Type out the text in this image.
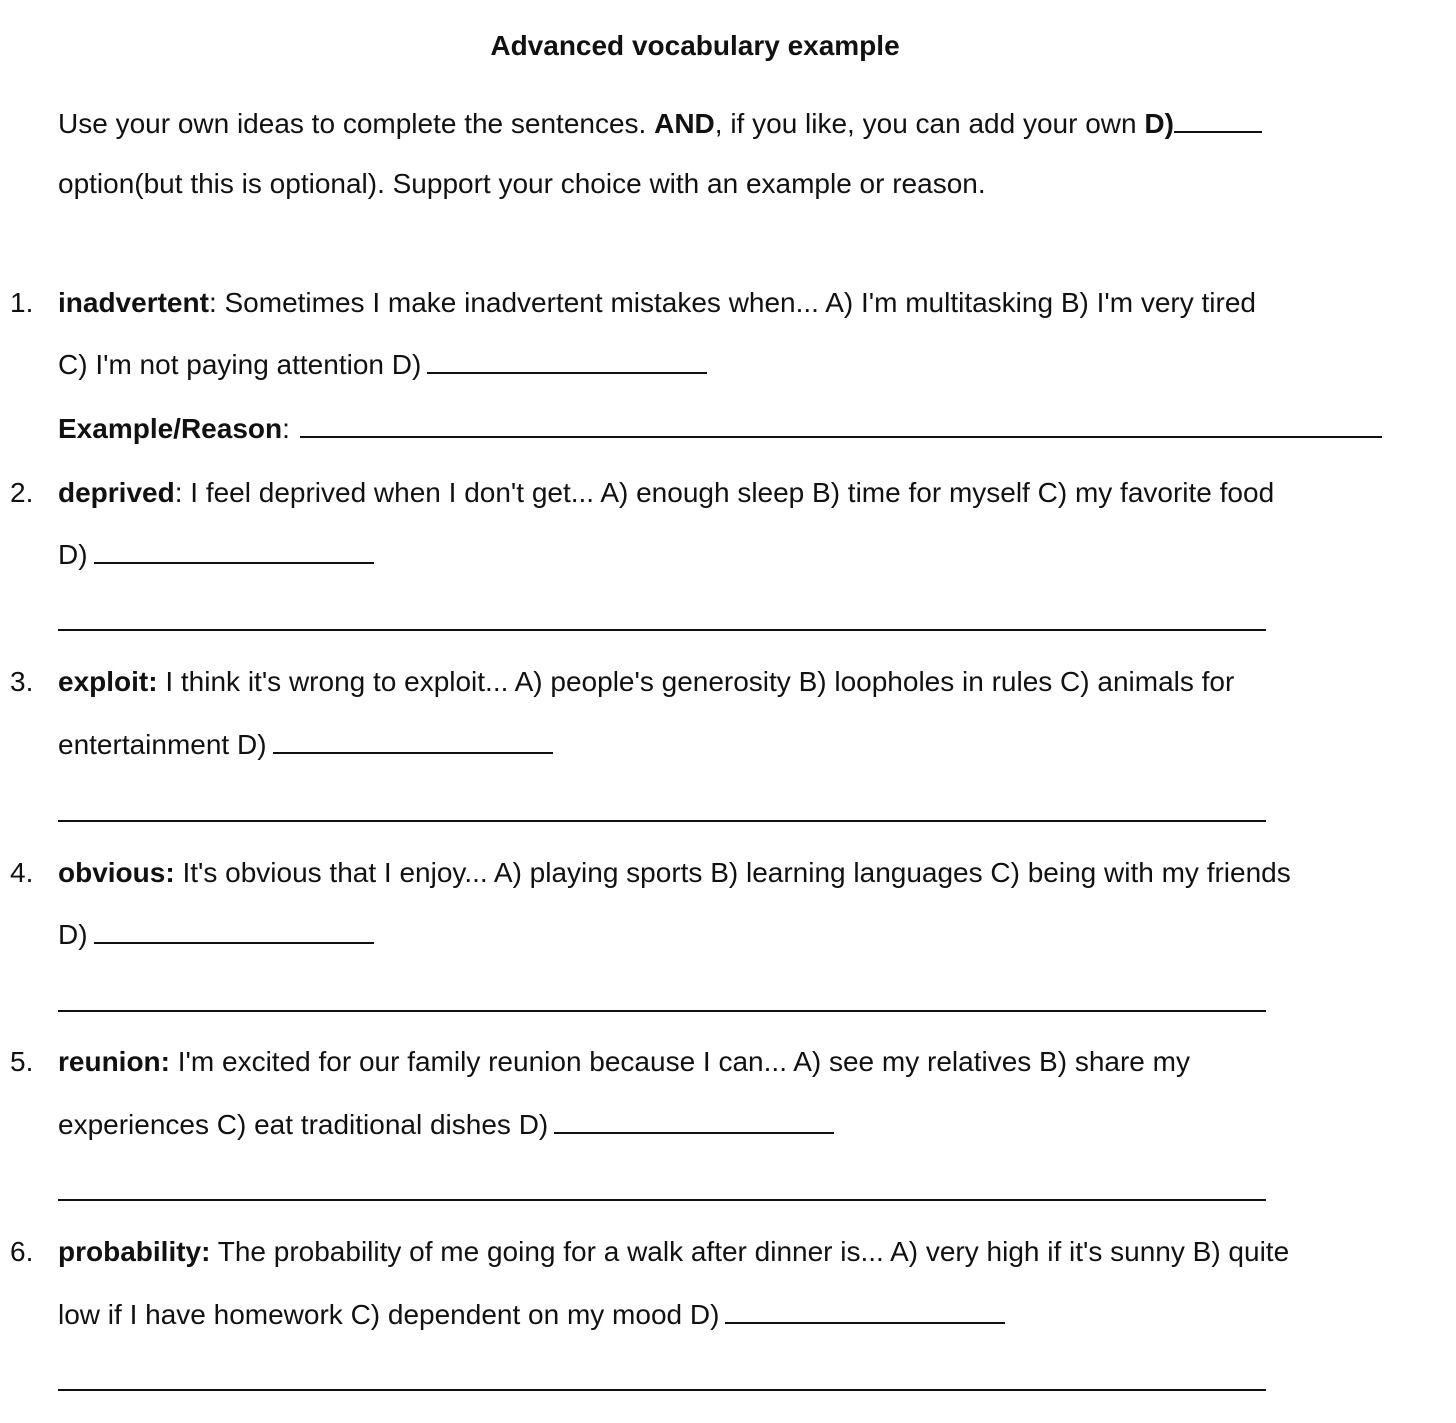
Advanced vocabulary example
Use your own ideas to complete the sentences. AND, if you like, you can add your own D)
option(but this is optional). Support your choice with an example or reason.
1. inadvertent: Sometimes I make inadvertent mistakes when... A) I'm multitasking B) I'm very tired
C) I'm not paying attention D)
Example/Reason:
2. deprived: I feel deprived when I don't get... A) enough sleep B) time for myself C) my favorite food
D)
3. exploit: I think it's wrong to exploit... A) people's generosity B) loopholes in rules C) animals for
entertainment D)
4. obvious: It's obvious that I enjoy... A) playing sports B) learning languages C) being with my friends
D)
5. reunion: I'm excited for our family reunion because I can... A) see my relatives B) share my
experiences C) eat traditional dishes D)
6. probability: The probability of me going for a walk after dinner is... A) very high if it's sunny B) quite
low if I have homework C) dependent on my mood D)
